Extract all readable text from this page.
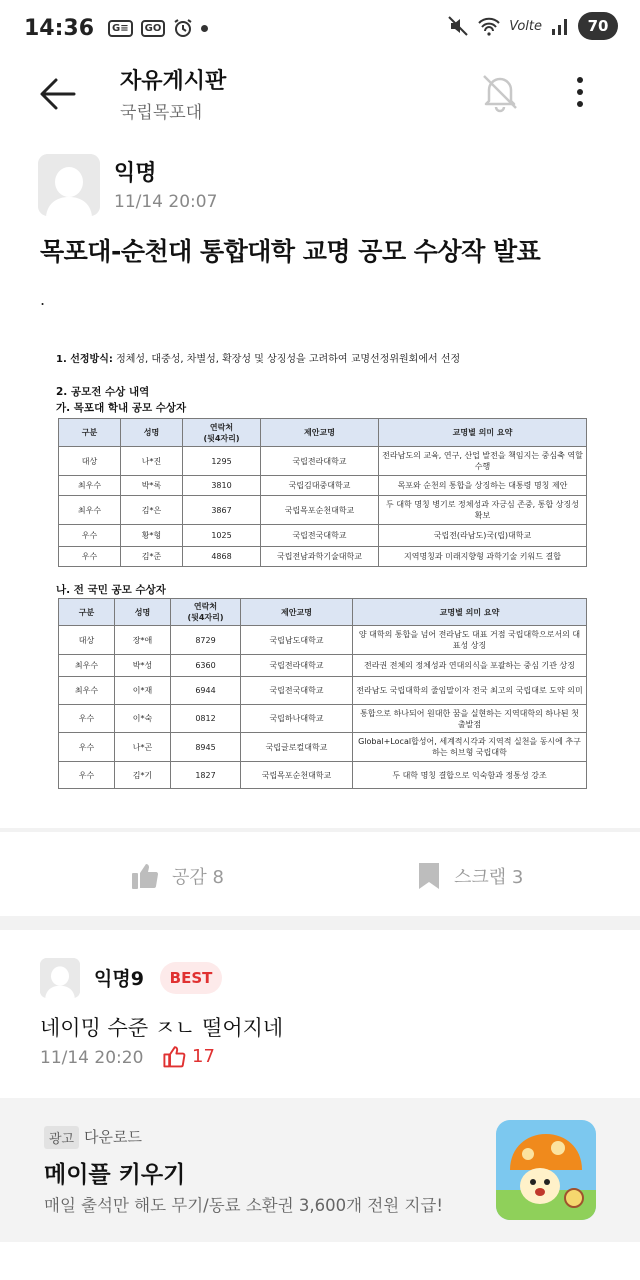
14:36	G≡	GO	Volte	70
자유게시판
국립목포대
익명
11/14 20:07
목포대-순천대 통합대학 교명 공모 수상작 발표
.
1. 선정방식: 정체성, 대중성, 차별성, 확장성 및 상징성을 고려하여 교명선정위원회에서 선정
2. 공모전 수상 내역
가. 목포대 학내 공모 수상자
구분	성명	연락처
(뒷4자리)	제안교명	교명별 의미 요약
대상	나*진	1295	국립전라대학교	전라남도의 교육, 연구, 산업 발전을 책임지는 중심축 역할 수행
최우수	박*록	3810	국립김대중대학교	목포와 순천의 통합을 상징하는 대통령 명칭 제안
최우수	김*은	3867	국립목포순천대학교	두 대학 명칭 병기로 정체성과 자긍심 존중, 통합 상징성 확보
우수	황*형	1025	국립전국대학교	국립전(라남도)국(립)대학교
우수	김*준	4868	국립전남과학기술대학교	지역명칭과 미래지향형 과학기술 키워드 결합
나. 전 국민 공모 수상자
구분	성명	연락처
(뒷4자리)	제안교명	교명별 의미 요약
대상	장*애	8729	국립남도대학교	양 대학의 통합을 넘어 전라남도 대표 거점 국립대학으로서의 대표성 상징
최우수	박*성	6360	국립전라대학교	전라권 전체의 정체성과 연대의식을 포괄하는 중심 기관 상징
최우수	이*재	6944	국립전국대학교	전라남도 국립대학의 줄임말이자 전국 최고의 국립대로 도약 의미
우수	이*숙	0812	국립하나대학교	통합으로 하나되어 원대한 꿈을 실현하는 지역대학의 하나된 첫 출발점
우수	나*곤	8945	국립글로컬대학교	Global+Local합성어, 세계적시각과 지역적 실천을 동시에 추구하는 허브형 국립대학
우수	김*기	1827	국립목포순천대학교	두 대학 명칭 결합으로 익숙함과 정통성 강조
공감 8	스크랩 3
익명9	BEST
네이밍 수준 ㅈㄴ 떨어지네
11/14 20:20	17
광고 다운로드
메이플 키우기
매일 출석만 해도 무기/동료 소환권 3,600개 전원 지급!
